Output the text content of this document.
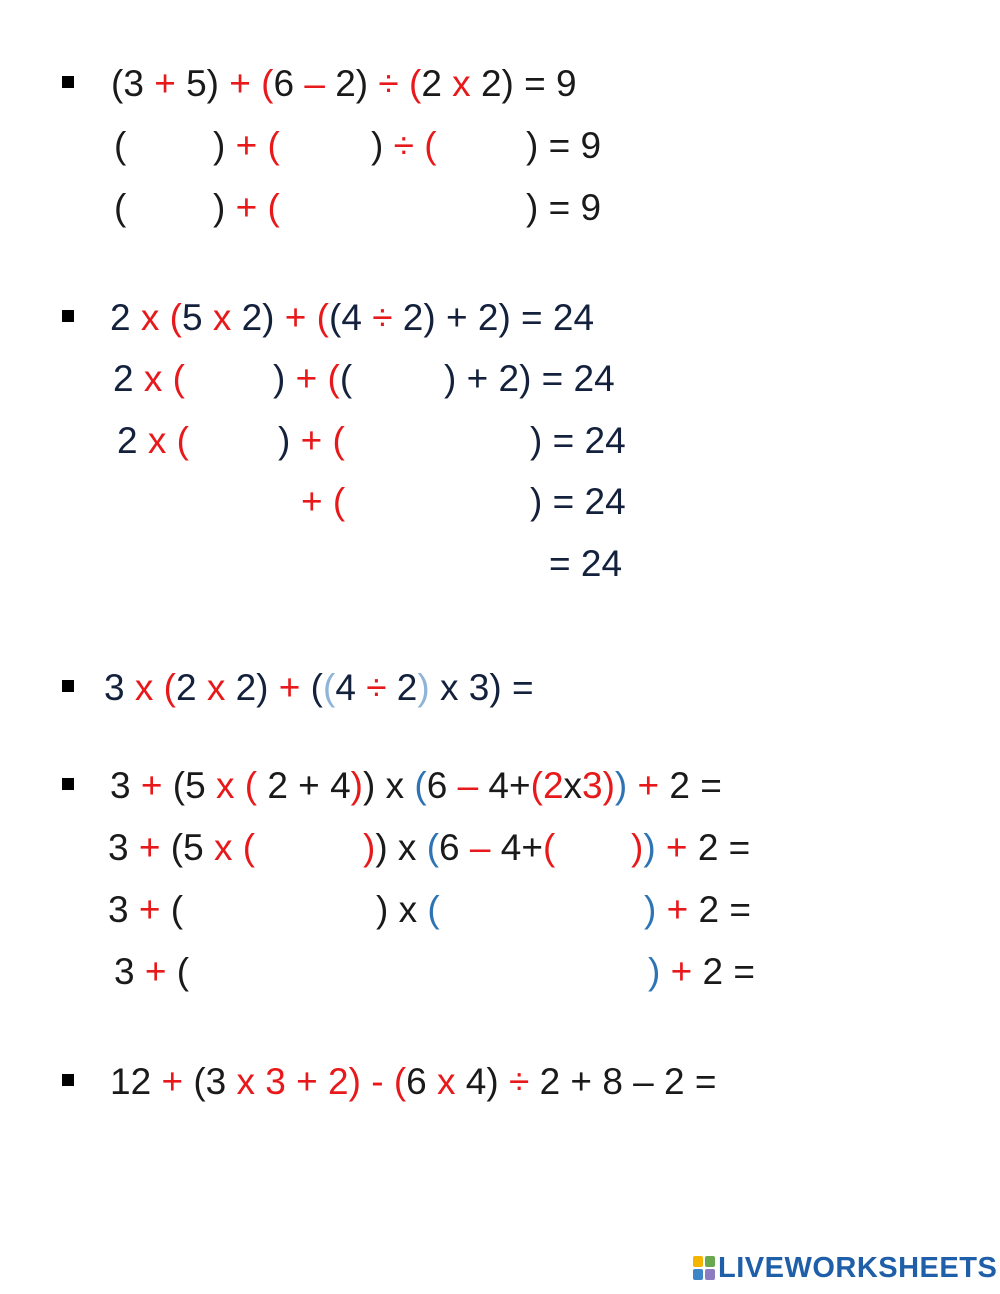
(3 + 5) + (6 – 2) ÷ (2 x 2) = 9
( ) + ( ) ÷ ( ) = 9
( ) + (	) = 9
2 x (5 x 2) + ((4 ÷ 2) + 2) = 24
2 x ( ) + (( ) + 2) = 24
2 x ( ) + (	) = 24
+ (	) = 24
= 24
3 x (2 x 2) + ((4 ÷ 2) x 3) =
3 + (5 x ( 2 + 4)) x (6 – 4+(2x3)) + 2 =
3 + (5 x (	)) x (6 – 4+( )) + 2 =
3 + (	) x (	) + 2 =
3 + (	) + 2 =
12 + (3 x 3 + 2) - (6 x 4) ÷ 2 + 8 – 2 =
LIVEWORKSHEETS
